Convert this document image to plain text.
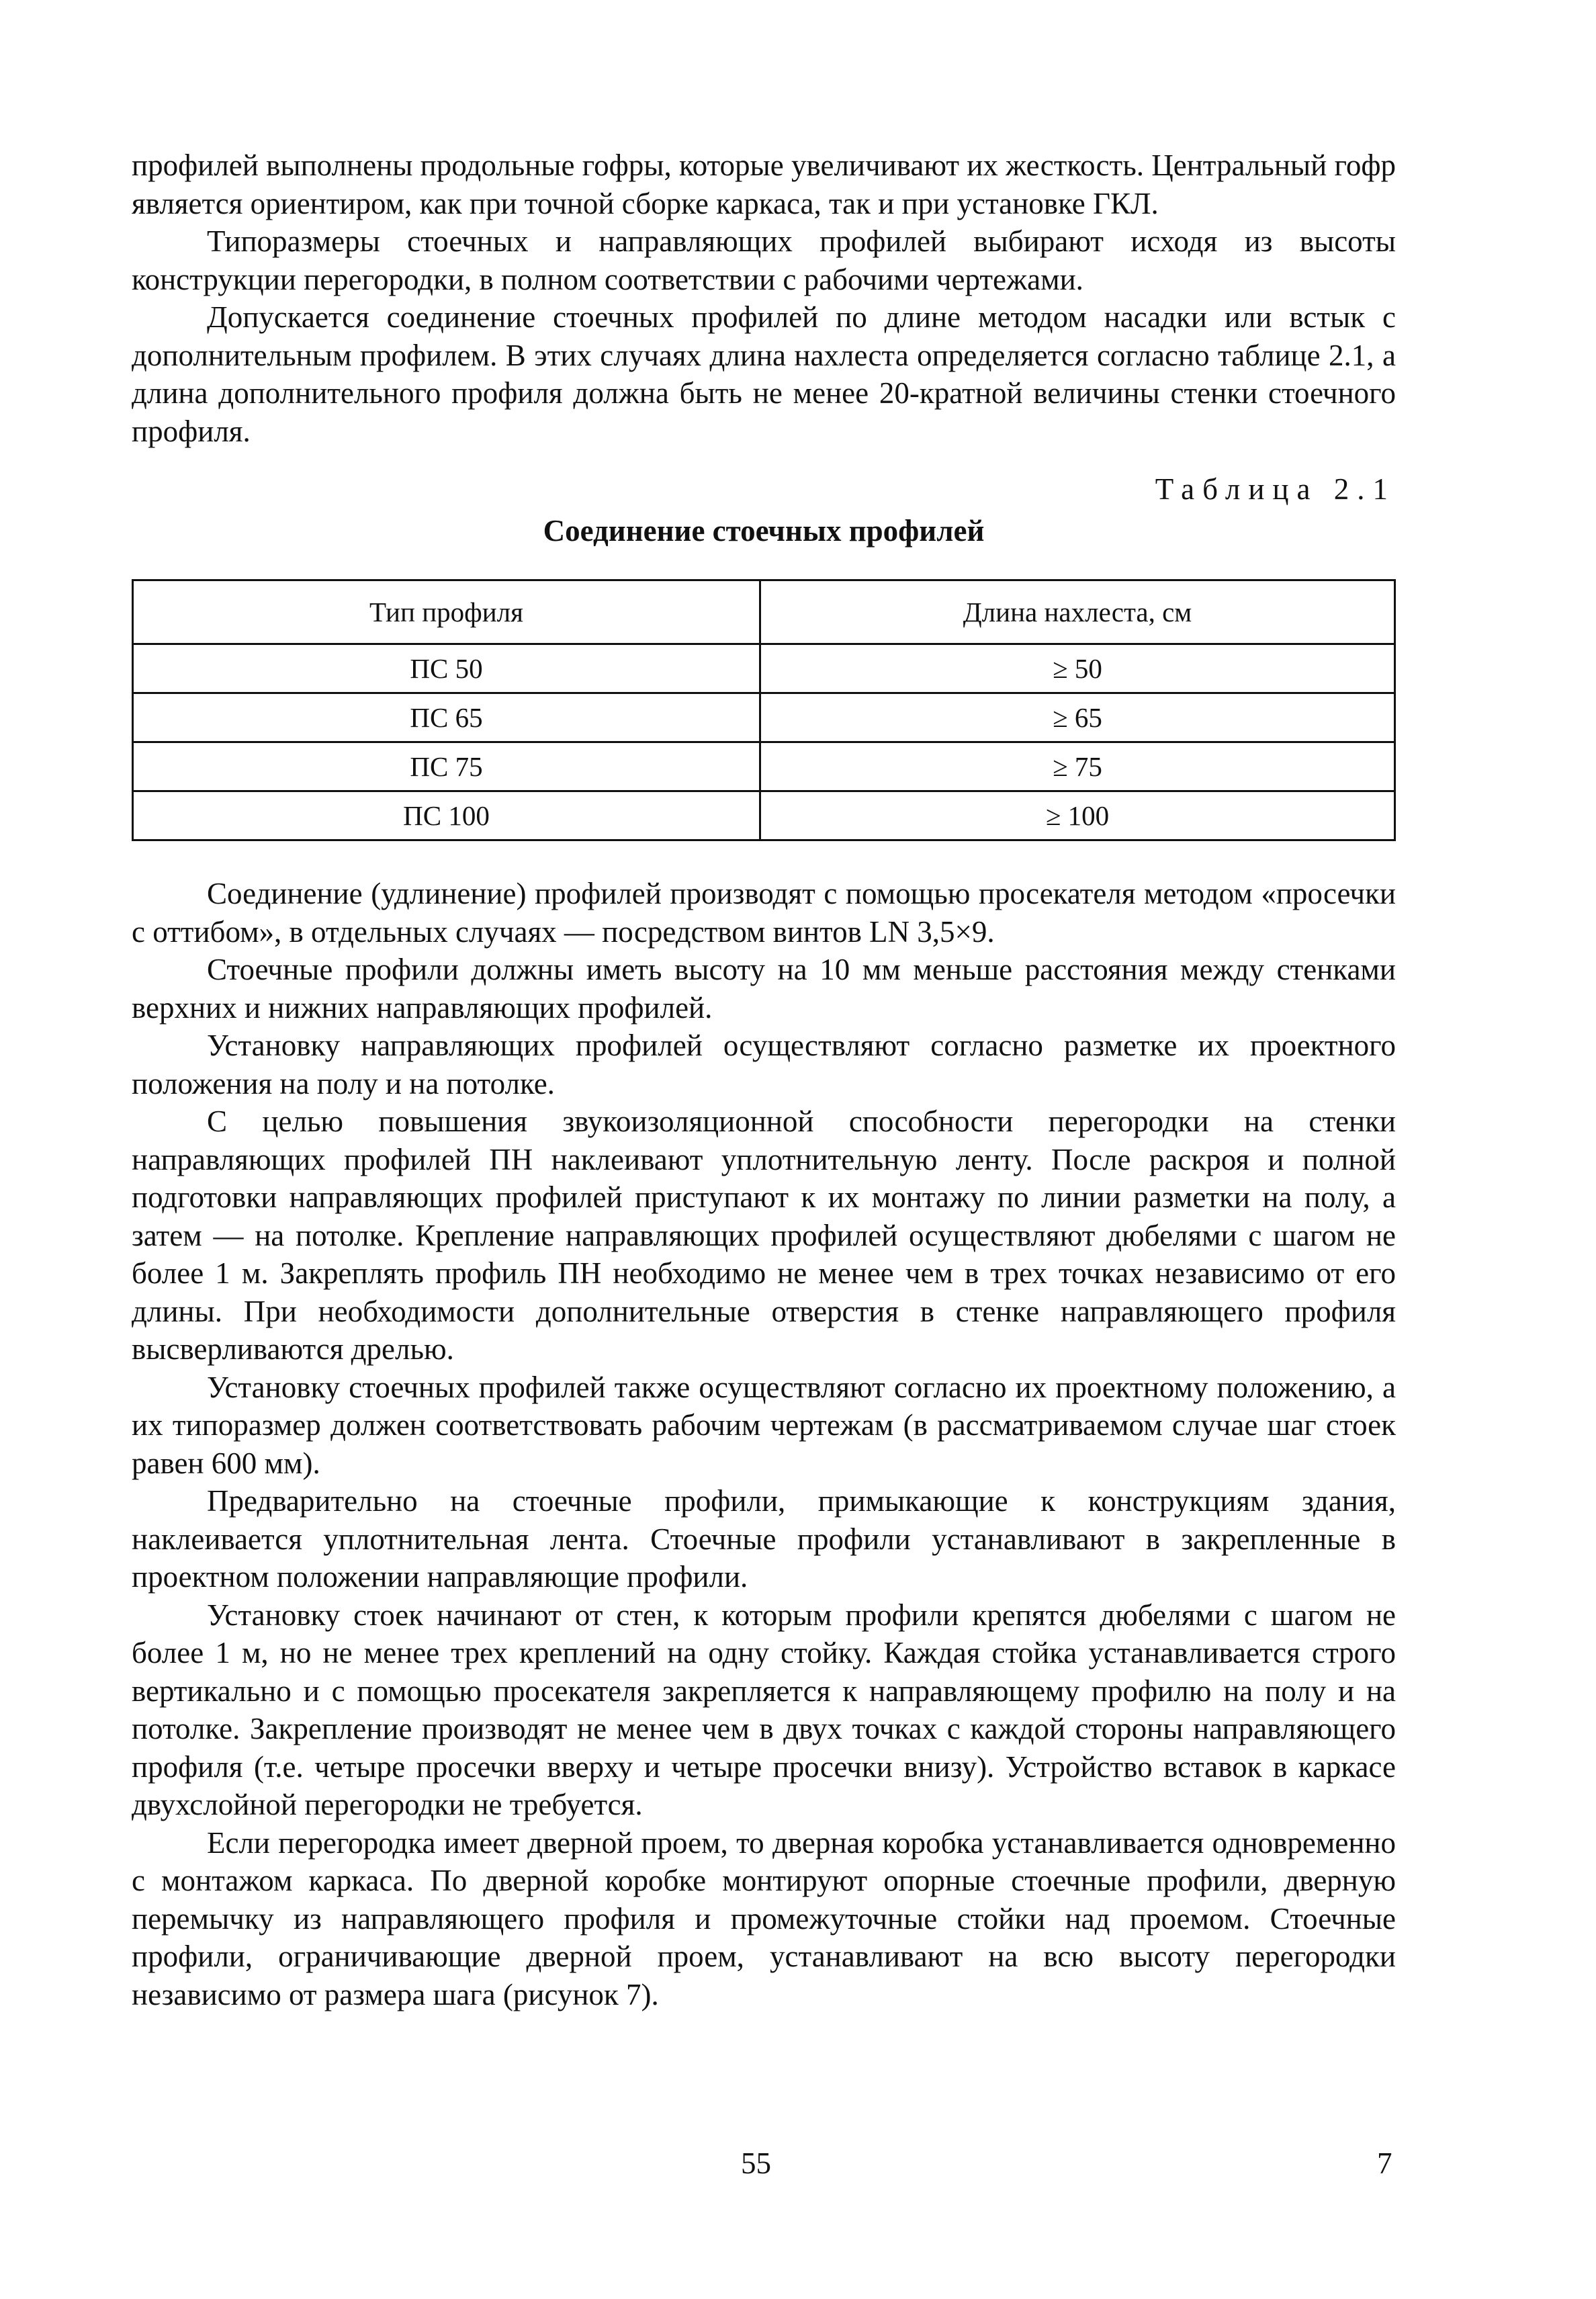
профилей выполнены продольные гофры, которые увеличивают их жесткость. Центральный гофр является ориентиром, как при точной сборке каркаса, так и при установке ГКЛ.

Типоразмеры стоечных и направляющих профилей выбирают исходя из высоты конструкции перегородки, в полном соответствии с рабочими чертежами.

Допускается соединение стоечных профилей по длине методом насадки или встык с дополнительным профилем. В этих случаях длина нахлеста определяется согласно таблице 2.1, а длина дополнительного профиля должна быть не менее 20-кратной величины стенки стоечного профиля.

Таблица 2.1
Соединение стоечных профилей
Тип профиля	Длина нахлеста, см
ПС 50	≥ 50
ПС 65	≥ 65
ПС 75	≥ 75
ПС 100	≥ 100

Соединение (удлинение) профилей производят с помощью просекателя методом «просечки с оттибом», в отдельных случаях — посредством винтов LN 3,5×9.

Стоечные профили должны иметь высоту на 10 мм меньше расстояния между стенками верхних и нижних направляющих профилей.

Установку направляющих профилей осуществляют согласно разметке их проектного положения на полу и на потолке.

С целью повышения звукоизоляционной способности перегородки на стенки направляющих профилей ПН наклеивают уплотнительную ленту. После раскроя и полной подготовки направляющих профилей приступают к их монтажу по линии разметки на полу, а затем — на потолке. Крепление направляющих профилей осуществляют дюбелями с шагом не более 1 м. Закреплять профиль ПН необходимо не менее чем в трех точках независимо от его длины. При необходимости дополнительные отверстия в стенке направляющего профиля высверливаются дрелью.

Установку стоечных профилей также осуществляют согласно их проектному положению, а их типоразмер должен соответствовать рабочим чертежам (в рассматриваемом случае шаг стоек равен 600 мм).

Предварительно на стоечные профили, примыкающие к конструкциям здания, наклеивается уплотнительная лента. Стоечные профили устанавливают в закрепленные в проектном положении направляющие профили.

Установку стоек начинают от стен, к которым профили крепятся дюбелями с шагом не более 1 м, но не менее трех креплений на одну стойку. Каждая стойка устанавливается строго вертикально и с помощью просекателя закрепляется к направляющему профилю на полу и на потолке. Закрепление производят не менее чем в двух точках с каждой стороны направляющего профиля (т.е. четыре просечки вверху и четыре просечки внизу). Устройство вставок в каркасе двухслойной перегородки не требуется.

Если перегородка имеет дверной проем, то дверная коробка устанавливается одновременно с монтажом каркаса. По дверной коробке монтируют опорные стоечные профили, дверную перемычку из направляющего профиля и промежуточные стойки над проемом. Стоечные профили, ограничивающие дверной проем, устанавливают на всю высоту перегородки независимо от размера шага (рисунок 7).

55	7
